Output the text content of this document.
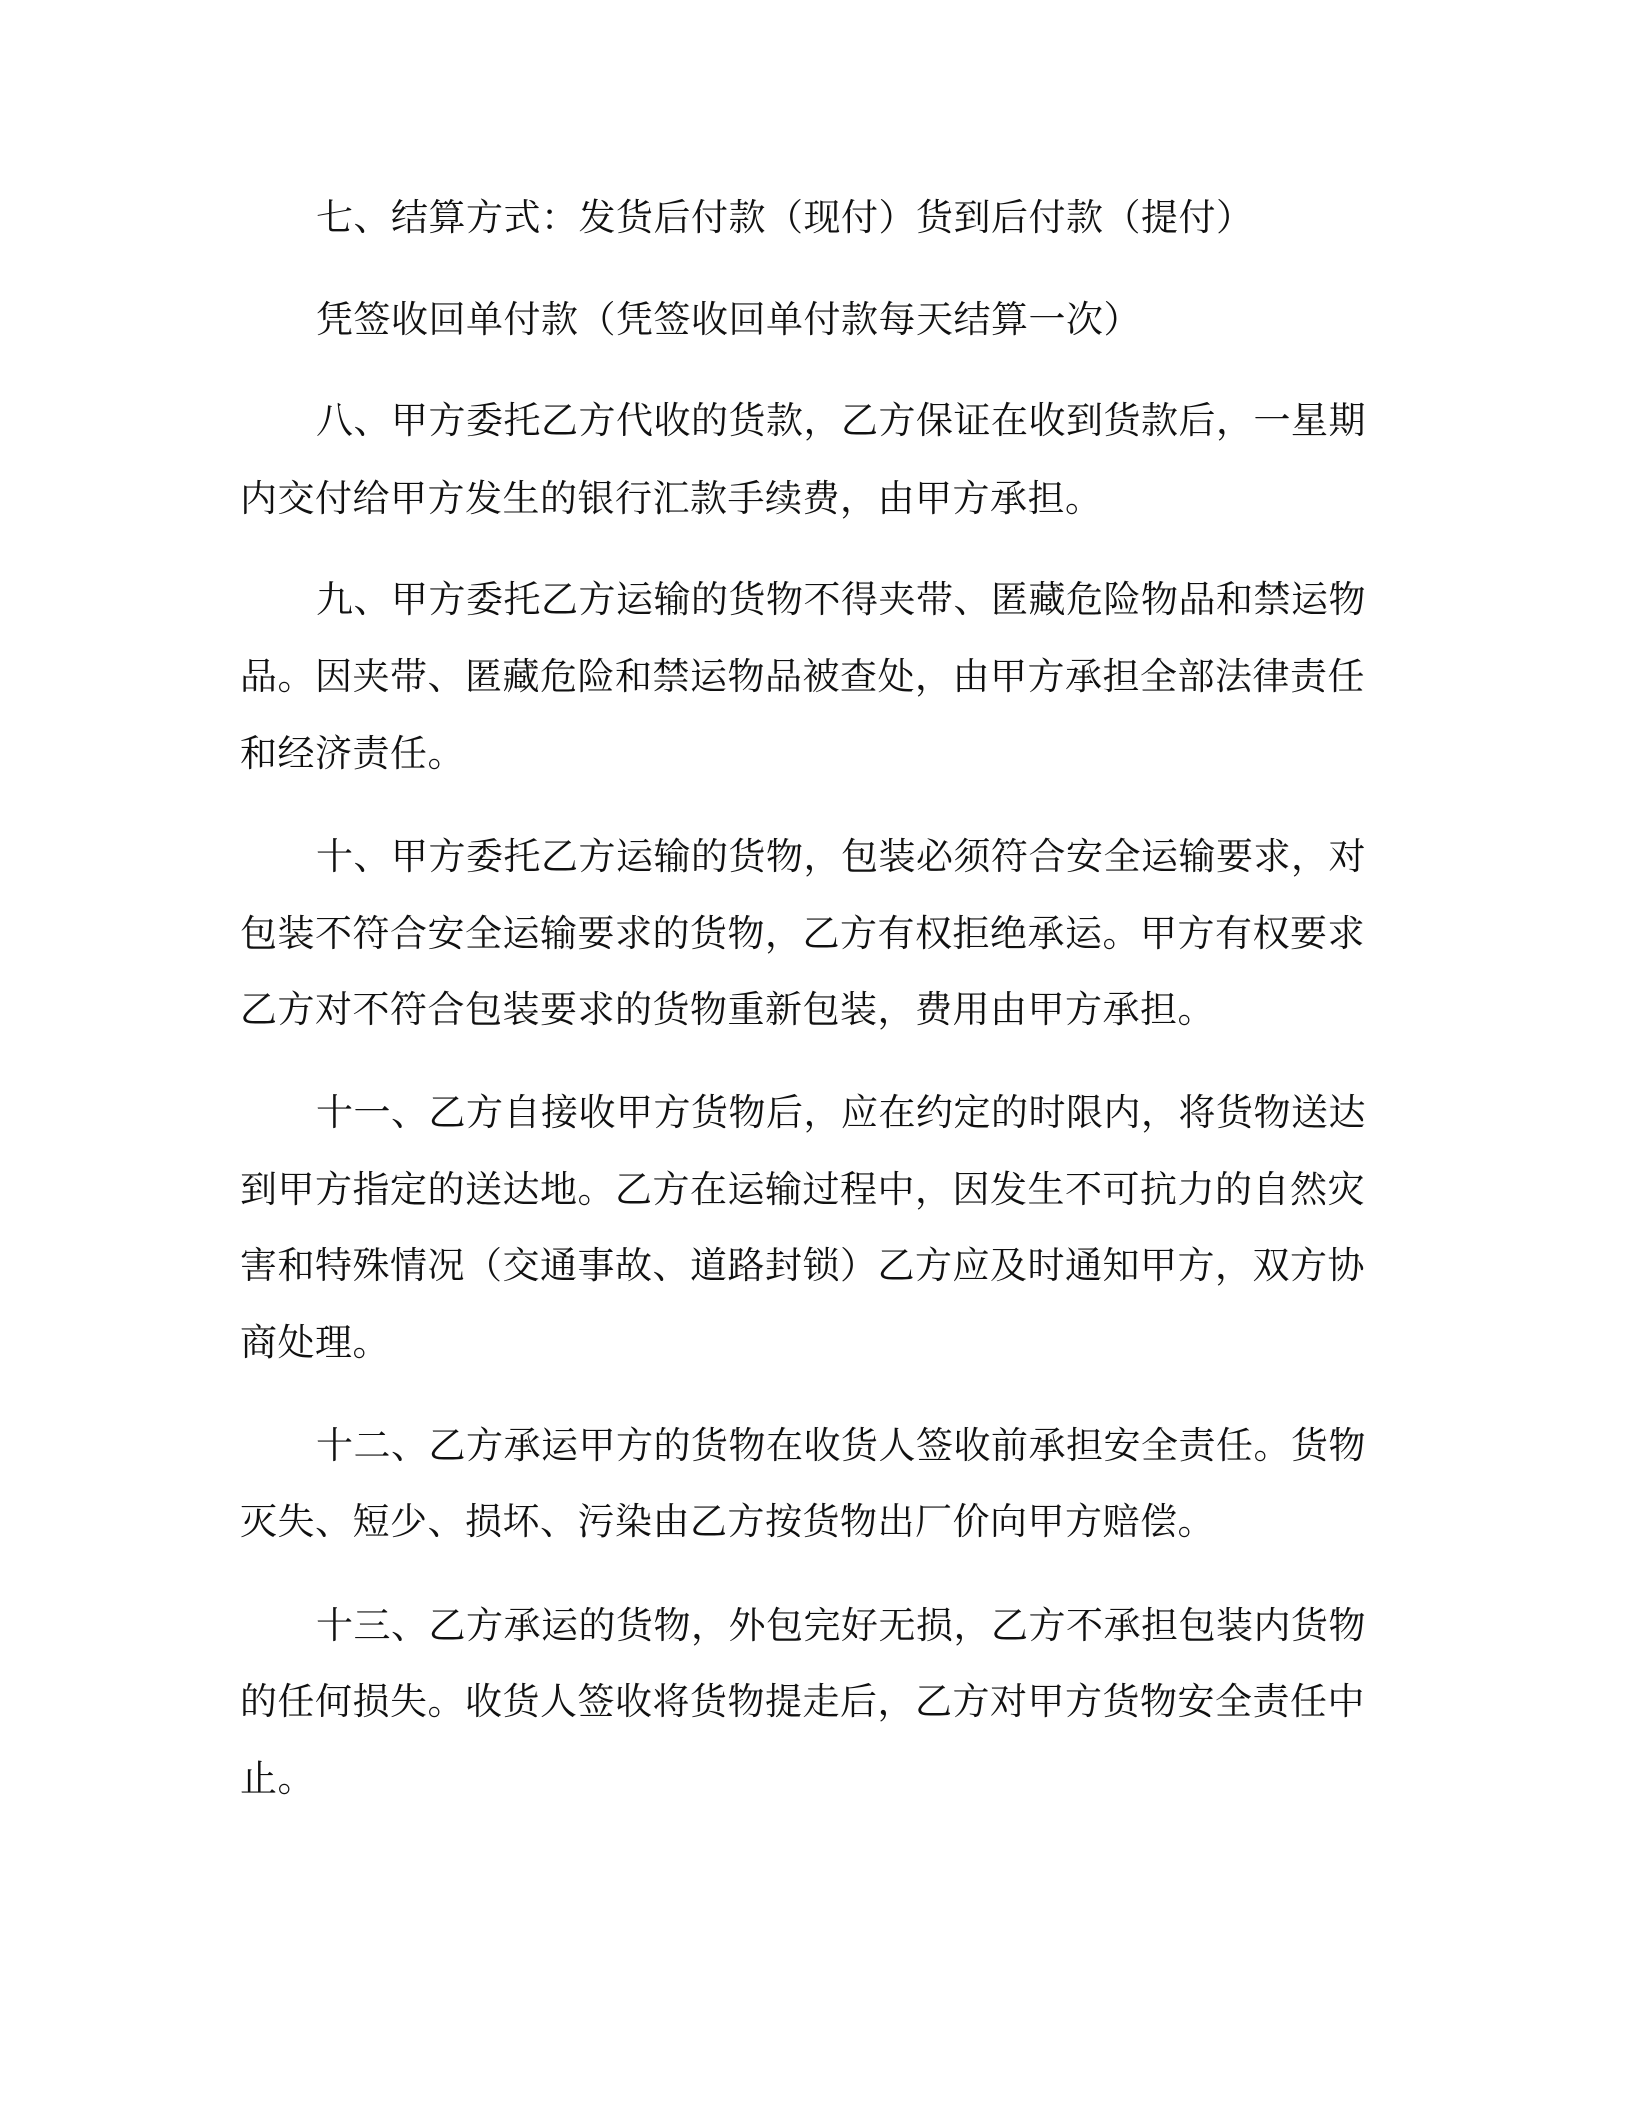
七、结算方式：发货后付款（现付）货到后付款（提付）
凭签收回单付款（凭签收回单付款每天结算一次）
八、甲方委托乙方代收的货款，乙方保证在收到货款后，一星期
内交付给甲方发生的银行汇款手续费，由甲方承担。
九、甲方委托乙方运输的货物不得夹带、匿藏危险物品和禁运物
品。因夹带、匿藏危险和禁运物品被查处，由甲方承担全部法律责任
和经济责任。
十、甲方委托乙方运输的货物，包装必须符合安全运输要求，对
包装不符合安全运输要求的货物，乙方有权拒绝承运。甲方有权要求
乙方对不符合包装要求的货物重新包装，费用由甲方承担。
十一、乙方自接收甲方货物后，应在约定的时限内，将货物送达
到甲方指定的送达地。乙方在运输过程中，因发生不可抗力的自然灾
害和特殊情况（交通事故、道路封锁）乙方应及时通知甲方，双方协
商处理。
十二、乙方承运甲方的货物在收货人签收前承担安全责任。货物
灭失、短少、损坏、污染由乙方按货物出厂价向甲方赔偿。
十三、乙方承运的货物，外包完好无损，乙方不承担包装内货物
的任何损失。收货人签收将货物提走后，乙方对甲方货物安全责任中
止。
